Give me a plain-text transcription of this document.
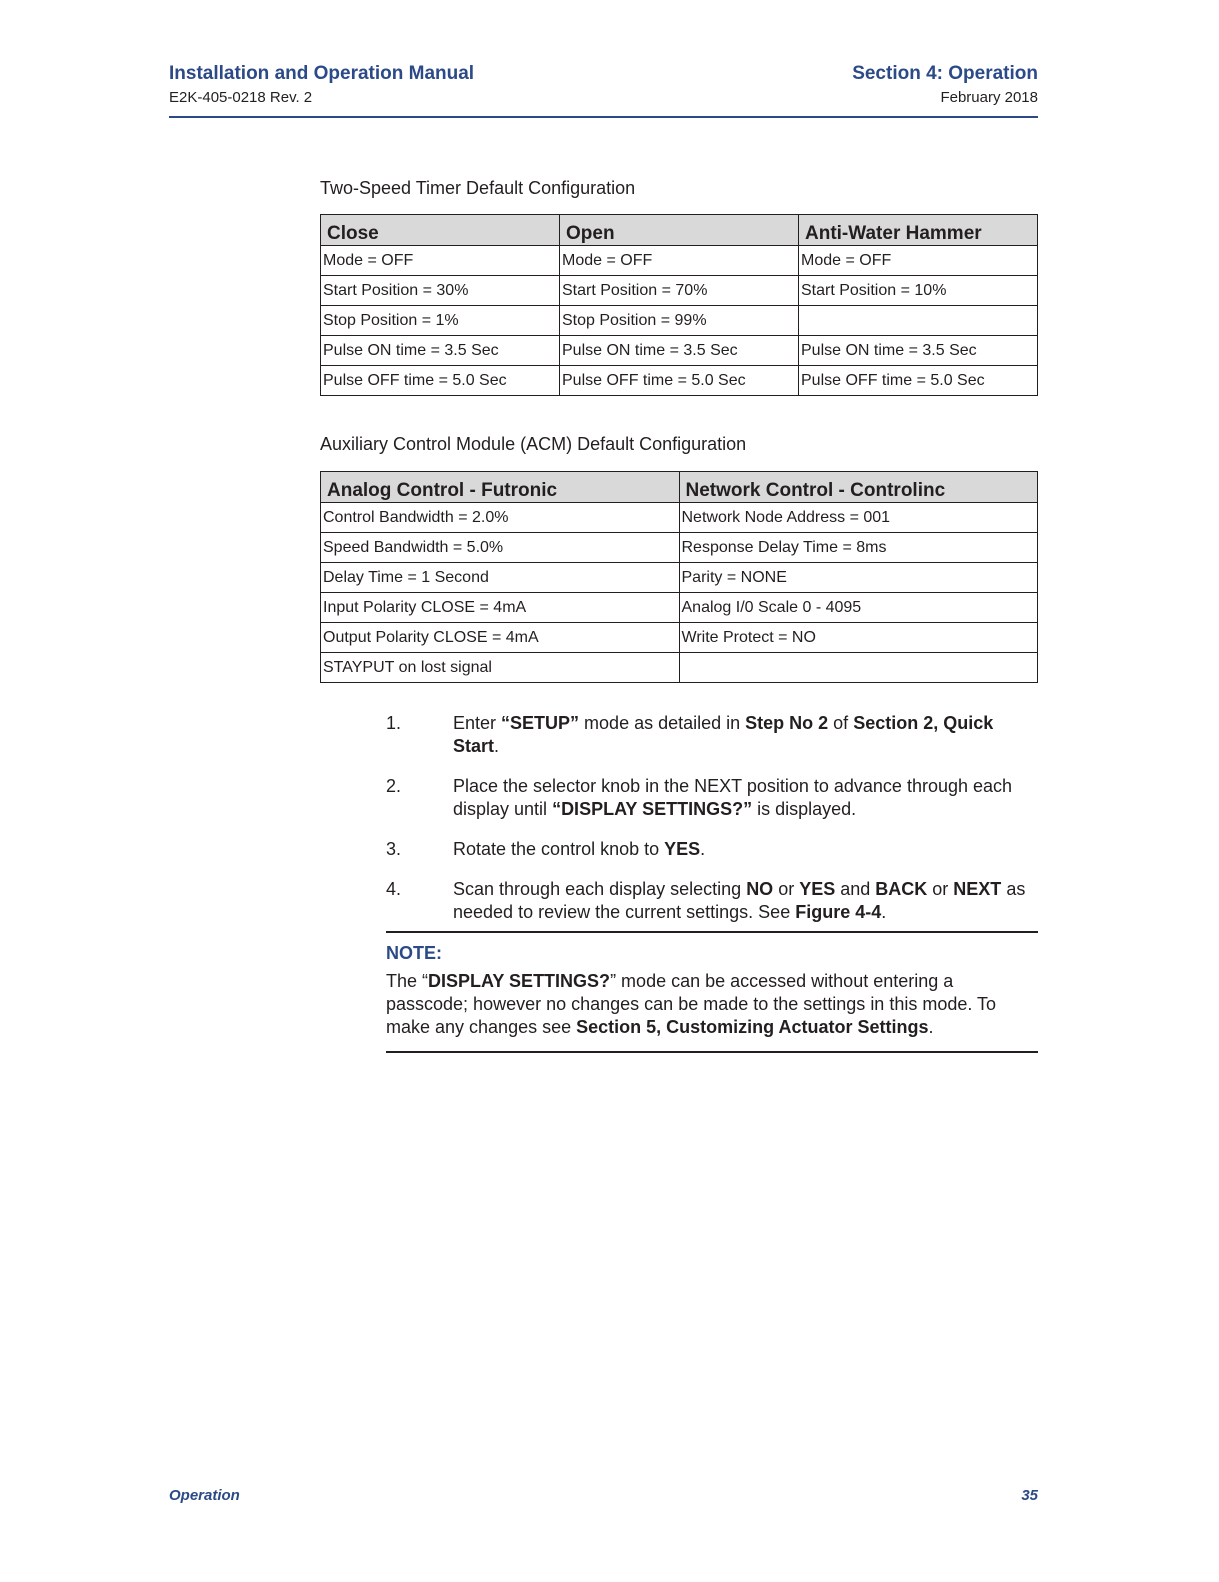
Installation and Operation Manual
E2K-405-0218 Rev. 2
Section 4: Operation
February 2018
Two-Speed Timer Default Configuration
Close	Open	Anti-Water Hammer
Mode = OFF	Mode = OFF	Mode = OFF
Start Position = 30%	Start Position = 70%	Start Position = 10%
Stop Position = 1%	Stop Position = 99%	
Pulse ON time = 3.5 Sec	Pulse ON time = 3.5 Sec	Pulse ON time = 3.5 Sec
Pulse OFF time = 5.0 Sec	Pulse OFF time = 5.0 Sec	Pulse OFF time = 5.0 Sec
Auxiliary Control Module (ACM) Default Configuration
Analog Control - Futronic	Network Control - Controlinc
Control Bandwidth = 2.0%	Network Node Address = 001
Speed Bandwidth = 5.0%	Response Delay Time = 8ms
Delay Time = 1 Second	Parity = NONE
Input Polarity CLOSE = 4mA	Analog I/0 Scale 0 - 4095
Output Polarity CLOSE = 4mA	Write Protect = NO
STAYPUT on lost signal	
1.	Enter “SETUP” mode as detailed in Step No 2 of Section 2, Quick Start.
2.	Place the selector knob in the NEXT position to advance through each display until “DISPLAY SETTINGS?” is displayed.
3.	Rotate the control knob to YES.
4.	Scan through each display selecting NO or YES and BACK or NEXT as needed to review the current settings. See Figure 4-4.
NOTE:
The “DISPLAY SETTINGS?” mode can be accessed without entering a passcode; however no changes can be made to the settings in this mode. To make any changes see Section 5, Customizing Actuator Settings.
Operation	35
